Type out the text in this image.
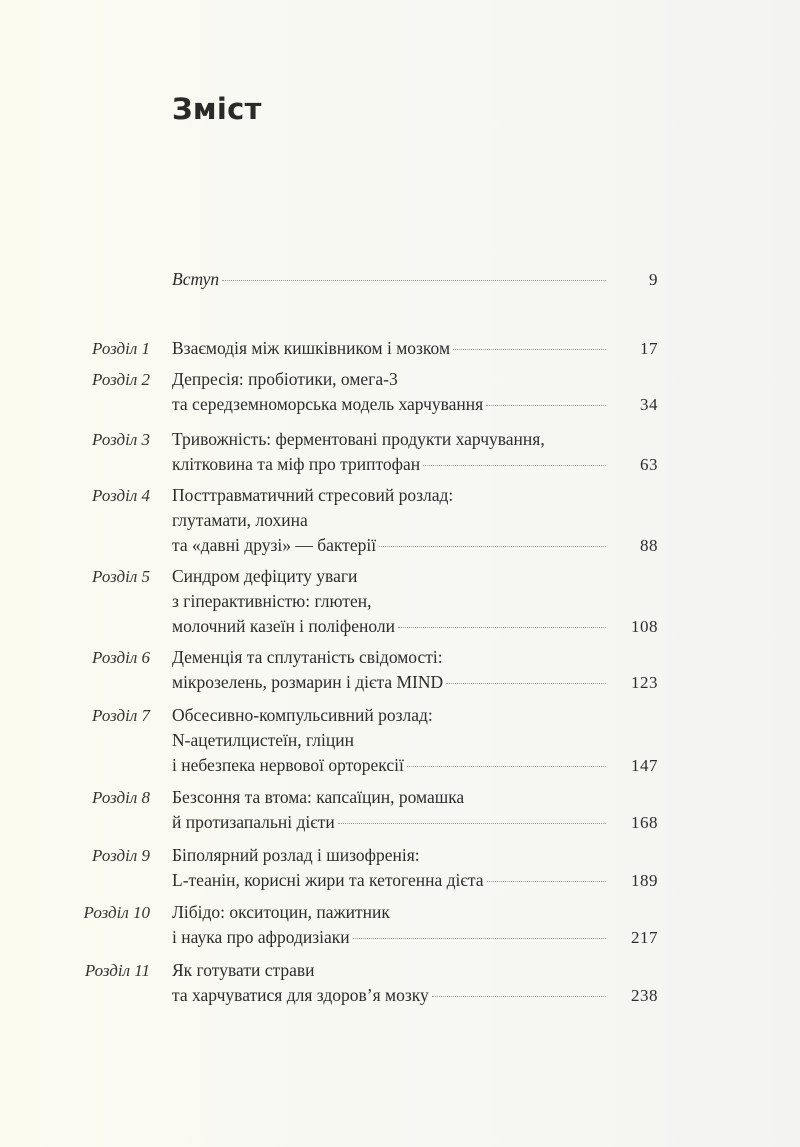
Зміст
Вступ	9
Розділ 1 Взаємодія між кишківником і мозком	17
Розділ 2 Депресія: пробіотики, омега-3
та середземноморська модель харчування	34
Розділ 3 Тривожність: ферментовані продукти харчування,
клітковина та міф про триптофан	63
Розділ 4 Посттравматичний стресовий розлад:
глутамати, лохина
та «давні друзі» — бактерії	88
Розділ 5 Синдром дефіциту уваги
з гіперактивністю: глютен,
молочний казеїн і поліфеноли	108
Розділ 6 Деменція та сплутаність свідомості:
мікрозелень, розмарин і дієта MIND	123
Розділ 7 Обсесивно-компульсивний розлад:
N-ацетилцистеїн, гліцин
і небезпека нервової орторексії	147
Розділ 8 Безсоння та втома: капсаїцин, ромашка
й протизапальні дієти	168
Розділ 9 Біполярний розлад і шизофренія:
L-теанін, корисні жири та кетогенна дієта	189
Розділ 10 Лібідо: окситоцин, пажитник
і наука про афродизіаки	217
Розділ 11 Як готувати страви
та харчуватися для здоров’я мозку	238
